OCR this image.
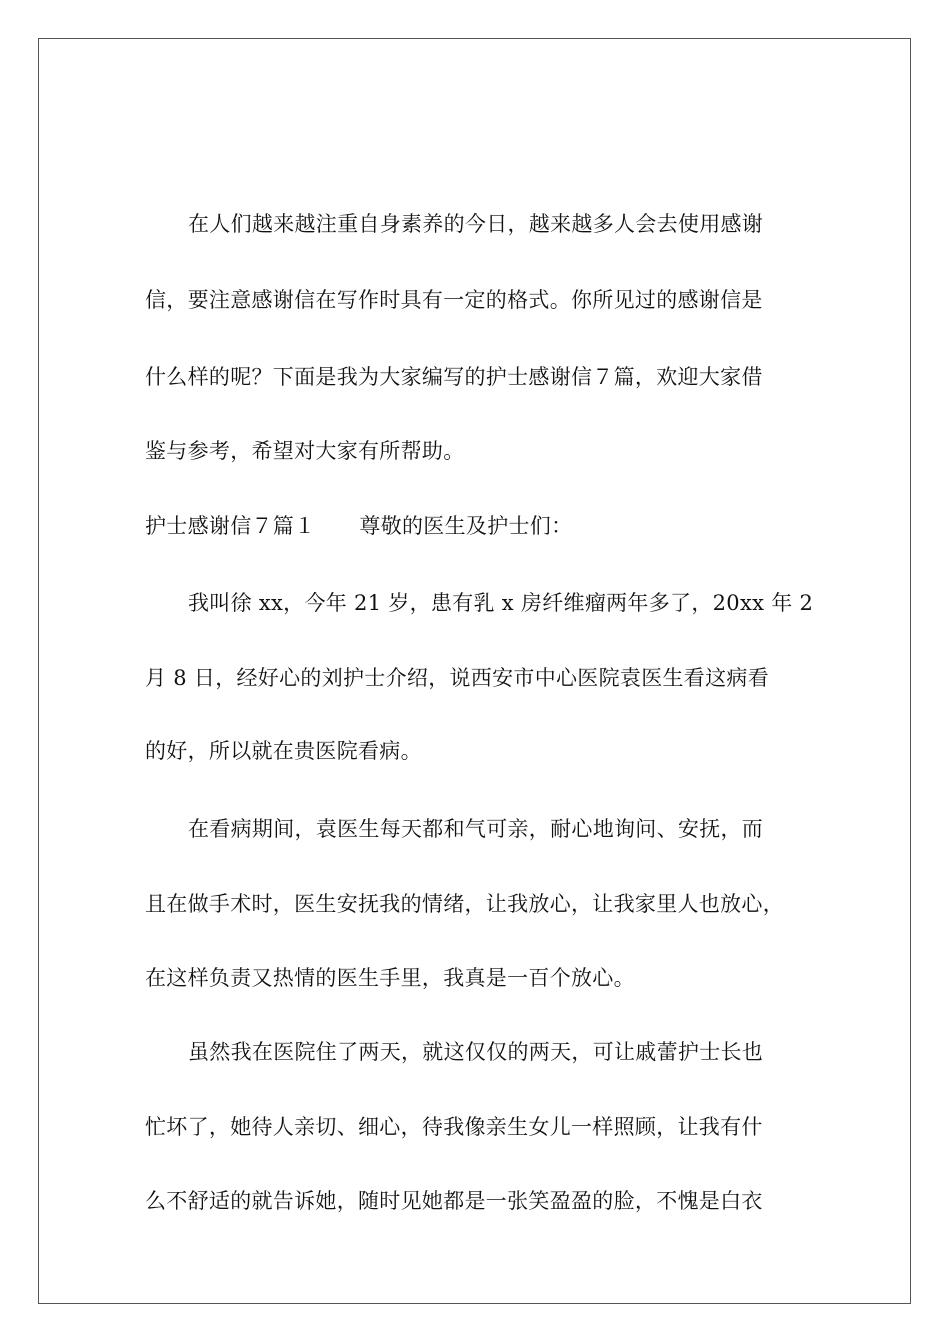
在人们越来越注重自身素养的今日，越来越多人会去使用感谢
信，要注意感谢信在写作时具有一定的格式。你所见过的感谢信是
什么样的呢？下面是我为大家编写的护士感谢信７篇，欢迎大家借
鉴与参考，希望对大家有所帮助。
护士感谢信７篇１ 尊敬的医生及护士们：
我叫徐 xx，今年 21 岁，患有乳 x 房纤维瘤两年多了，20xx 年 2
月 8 日，经好心的刘护士介绍，说西安市中心医院袁医生看这病看
的好，所以就在贵医院看病。
在看病期间，袁医生每天都和气可亲，耐心地询问、安抚，而
且在做手术时，医生安抚我的情绪，让我放心，让我家里人也放心，
在这样负责又热情的医生手里，我真是一百个放心。
虽然我在医院住了两天，就这仅仅的两天，可让戚蕾护士长也
忙坏了，她待人亲切、细心，待我像亲生女儿一样照顾，让我有什
么不舒适的就告诉她，随时见她都是一张笑盈盈的脸，不愧是白衣
